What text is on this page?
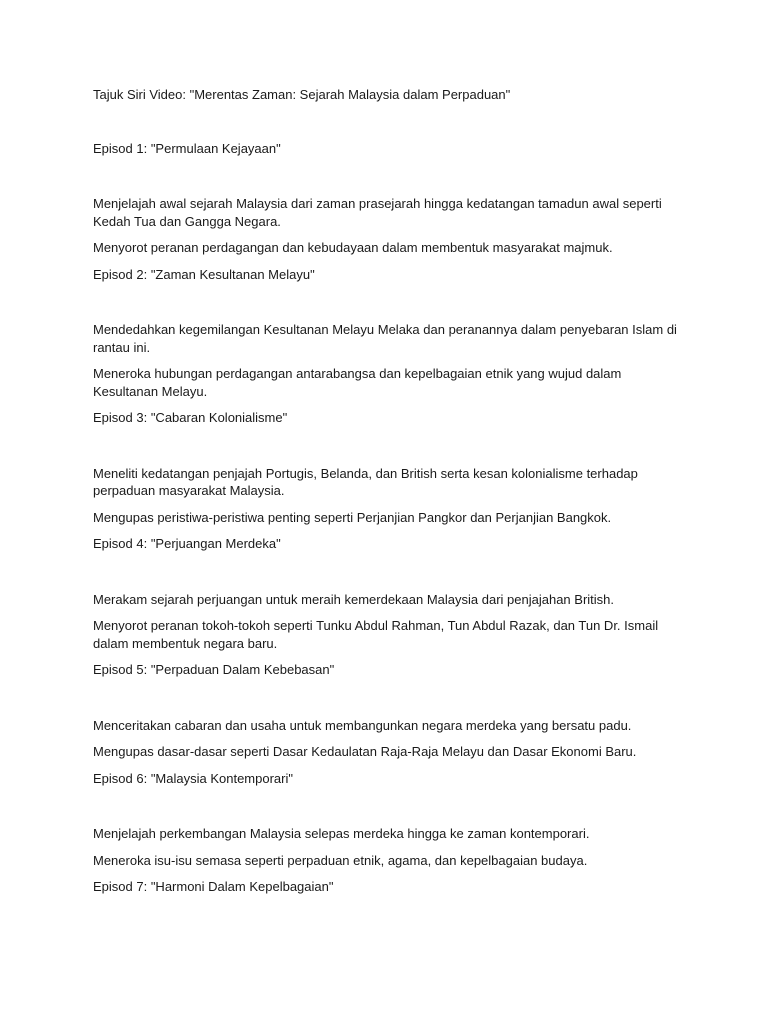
Tajuk Siri Video: "Merentas Zaman: Sejarah Malaysia dalam Perpaduan"

Episod 1: "Permulaan Kejayaan"

Menjelajah awal sejarah Malaysia dari zaman prasejarah hingga kedatangan tamadun awal seperti Kedah Tua dan Gangga Negara.

Menyorot peranan perdagangan dan kebudayaan dalam membentuk masyarakat majmuk.

Episod 2: "Zaman Kesultanan Melayu"

Mendedahkan kegemilangan Kesultanan Melayu Melaka dan peranannya dalam penyebaran Islam di rantau ini.

Meneroka hubungan perdagangan antarabangsa dan kepelbagaian etnik yang wujud dalam Kesultanan Melayu.

Episod 3: "Cabaran Kolonialisme"

Meneliti kedatangan penjajah Portugis, Belanda, dan British serta kesan kolonialisme terhadap perpaduan masyarakat Malaysia.

Mengupas peristiwa-peristiwa penting seperti Perjanjian Pangkor dan Perjanjian Bangkok.

Episod 4: "Perjuangan Merdeka"

Merakam sejarah perjuangan untuk meraih kemerdekaan Malaysia dari penjajahan British.

Menyorot peranan tokoh-tokoh seperti Tunku Abdul Rahman, Tun Abdul Razak, dan Tun Dr. Ismail dalam membentuk negara baru.

Episod 5: "Perpaduan Dalam Kebebasan"

Menceritakan cabaran dan usaha untuk membangunkan negara merdeka yang bersatu padu.

Mengupas dasar-dasar seperti Dasar Kedaulatan Raja-Raja Melayu dan Dasar Ekonomi Baru.

Episod 6: "Malaysia Kontemporari"

Menjelajah perkembangan Malaysia selepas merdeka hingga ke zaman kontemporari.

Meneroka isu-isu semasa seperti perpaduan etnik, agama, dan kepelbagaian budaya.

Episod 7: "Harmoni Dalam Kepelbagaian"
